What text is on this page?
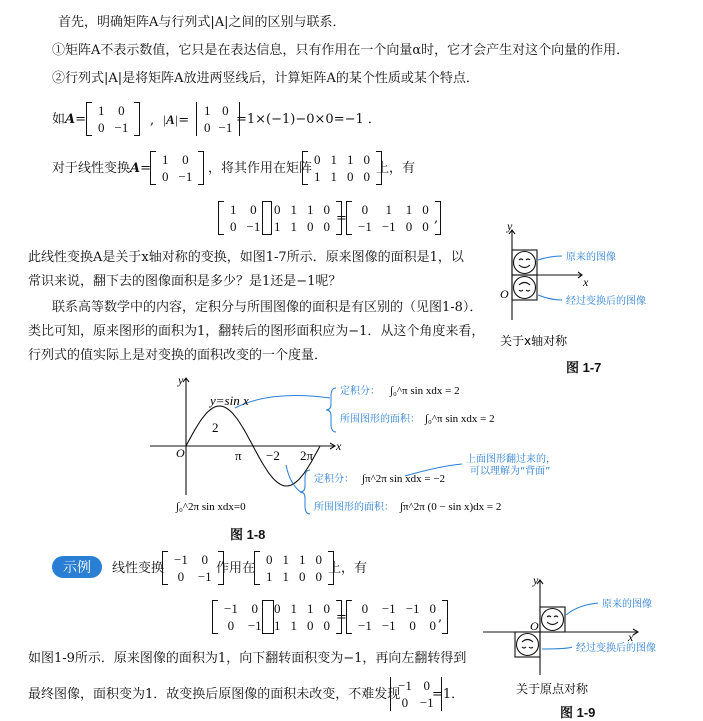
首先，明确矩阵A与行列式|A|之间的区别与联系．
①矩阵A不表示数值，它只是在表达信息，只有作用在一个向量α时，它才会产生对这个向量的作用．
②行列式|A|是将矩阵A放进两竖线后，计算矩阵A的某个性质或某个特点．
如A=
1	0
0	−1 ,  |A|=
1	0
0	−1
=1×(−1)−0×0=−1 ．
对于线性变换A=
1	0
0	−1
，将其作用在矩阵
0	1	1	0
1	1	0	0
上，有
1	0
0	−1
0	1	1	0
1	1	0	0
=
0	1	1	0
−1	−1	0	0
,
此线性变换A是关于x轴对称的变换，如图1-7所示．原来图像的面积是1，以
常识来说，翻下去的图像面积是多少？是1还是−1呢？
联系高等数学中的内容，定积分与所围图像的面积是有区别的（见图1-8）．
类比可知，原来图形的面积为1，翻转后的图形面积应为−1．从这个角度来看，
行列式的值实际上是对变换的面积改变的一个度量．
O
x
y
原来的图像
经过变换后的图像
关于x轴对称
图 1-7
y=sin x
2
−2
π	2π
O	x
y
定积分： ∫₀^π sin xdx = 2
所围图形的面积： ∫₀^π sin xdx = 2
定积分： ∫π^2π sin xdx = −2
所围图形的面积： ∫π^2π (0 − sin x)dx = 2
上面图形翻过来的，
可以理解为“背面”
∫₀^2π sin xdx=0
图 1-8
示例	线性变换
−1	0
0	−1
作用在
0	1	1	0
1	1	0	0
上，有
−1	0
0	−1
0	1	1	0
1	1	0	0
=
0	−1	−1	0
−1	−1	0	0
,
如图1-9所示．原来图像的面积为1，向下翻转面积变为−1，再向左翻转得到
最终图像，面积变为1．故变换后原图像的面积未改变，不难发现
−1	0
0	−1
=1．
O
x
y
原来的图像
经过变换后的图像
关于原点对称
图 1-9
